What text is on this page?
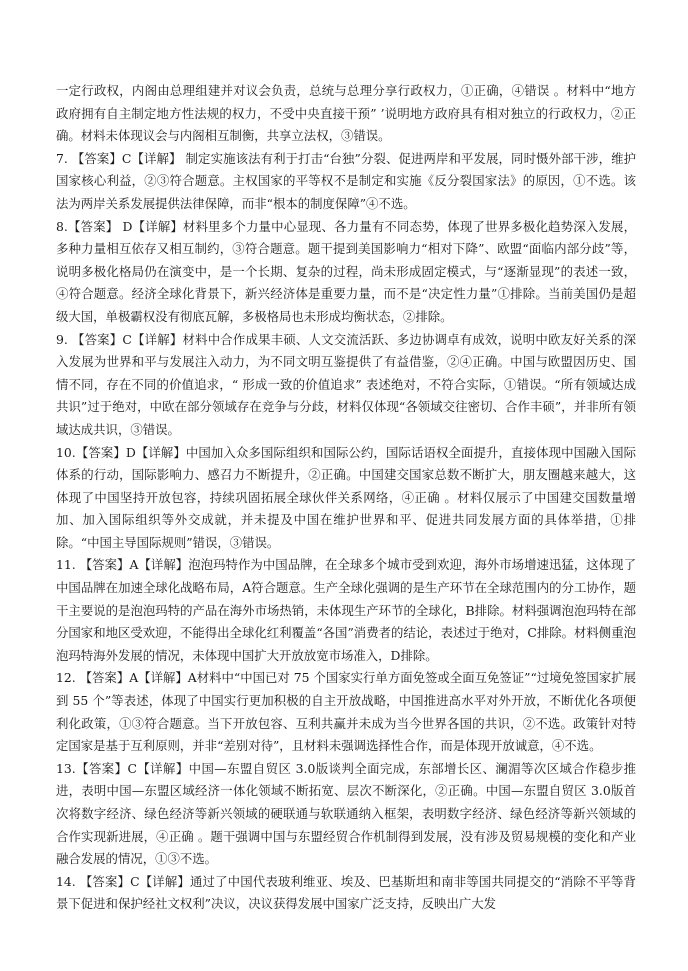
一定行政权，内阁由总理组建并对议会负责，总统与总理分享行政权力，①正确，④错误 。材料中“地方政府拥有自主制定地方性法规的权力，不受中央直接干预” ’说明地方政府具有相对独立的行政权力，②正确。材料未体现议会与内阁相互制衡，共享立法权，③错误。

7. 【答案】C【详解】 制定实施该法有利于打击“台独”分裂、促进两岸和平发展，同时慑外部干涉，维护国家核心利益，②③符合题意。主权国家的平等权不是制定和实施《反分裂国家法》的原因，①不选。该法为两岸关系发展提供法律保障，而非“根本的制度保障”④不选。

8.【答案】 D【详解】材料里多个力量中心显现、各力量有不同态势，体现了世界多极化趋势深入发展，多种力量相互依存又相互制约，③符合题意。题干提到美国影响力“相对下降”、欧盟“面临内部分歧”等，说明多极化格局仍在演变中，是一个长期、复杂的过程，尚未形成固定模式，与“逐渐显现”的表述一致，④符合题意。经济全球化背景下，新兴经济体是重要力量，而不是“决定性力量”①排除。当前美国仍是超级大国，单极霸权没有彻底瓦解，多极格局也未形成均衡状态，②排除。

9. 【答案】C【详解】材料中合作成果丰硕、人文交流活跃、多边协调卓有成效，说明中欧友好关系的深入发展为世界和平与发展注入动力，为不同文明互鉴提供了有益借鉴，②④正确。中国与欧盟因历史、国情不同，存在不同的价值追求，“ 形成一致的价值追求” 表述绝对，不符合实际，①错误。“所有领域达成共识”过于绝对，中欧在部分领域存在竞争与分歧，材料仅体现“各领域交往密切、合作丰硕”，并非所有领域达成共识，③错误。

10.【答案】D【详解】中国加入众多国际组织和国际公约，国际话语权全面提升，直接体现中国融入国际体系的行动，国际影响力、感召力不断提升，②正确。中国建交国家总数不断扩大，朋友圈越来越大，这体现了中国坚持开放包容，持续巩固拓展全球伙伴关系网络，④正确 。材料仅展示了中国建交国数量增加、加入国际组织等外交成就，并未提及中国在维护世界和平、促进共同发展方面的具体举措，①排除。“中国主导国际规则”错误，③错误。

11. 【答案】A【详解】泡泡玛特作为中国品牌，在全球多个城市受到欢迎，海外市场增速迅猛，这体现了中国品牌在加速全球化战略布局，A符合题意。生产全球化强调的是生产环节在全球范围内的分工协作，题干主要说的是泡泡玛特的产品在海外市场热销，未体现生产环节的全球化，B排除。材料强调泡泡玛特在部分国家和地区受欢迎，不能得出全球化红利覆盖“各国”消费者的结论，表述过于绝对，C排除。材料侧重泡泡玛特海外发展的情况，未体现中国扩大开放放宽市场准入，D排除。

12. 【答案】A【详解】A材料中“中国已对 75 个国家实行单方面免签或全面互免签证”“过境免签国家扩展到 55 个”等表述，体现了中国实行更加积极的自主开放战略，中国推进高水平对外开放，不断优化各项便利化政策，①③符合题意。当下开放包容、互利共赢并未成为当今世界各国的共识，②不选。政策针对特定国家是基于互利原则，并非“差别对待”，且材料未强调选择性合作，而是体现开放诚意，④不选。

13.【答案】C【详解】中国—东盟自贸区 3.0版谈判全面完成，东部增长区、澜湄等次区域合作稳步推进，表明中国—东盟区域经济一体化领域不断拓宽、层次不断深化，②正确。中国—东盟自贸区 3.0版首次将数字经济、绿色经济等新兴领域的硬联通与软联通纳入框架，表明数字经济、绿色经济等新兴领域的合作实现新进展，④正确 。题干强调中国与东盟经贸合作机制得到发展，没有涉及贸易规模的变化和产业融合发展的情况，①③不选。

14. 【答案】C【详解】通过了中国代表玻利维亚、埃及、巴基斯坦和南非等国共同提交的“消除不平等背景下促进和保护经社文权利”决议，决议获得发展中国家广泛支持，反映出广大发
